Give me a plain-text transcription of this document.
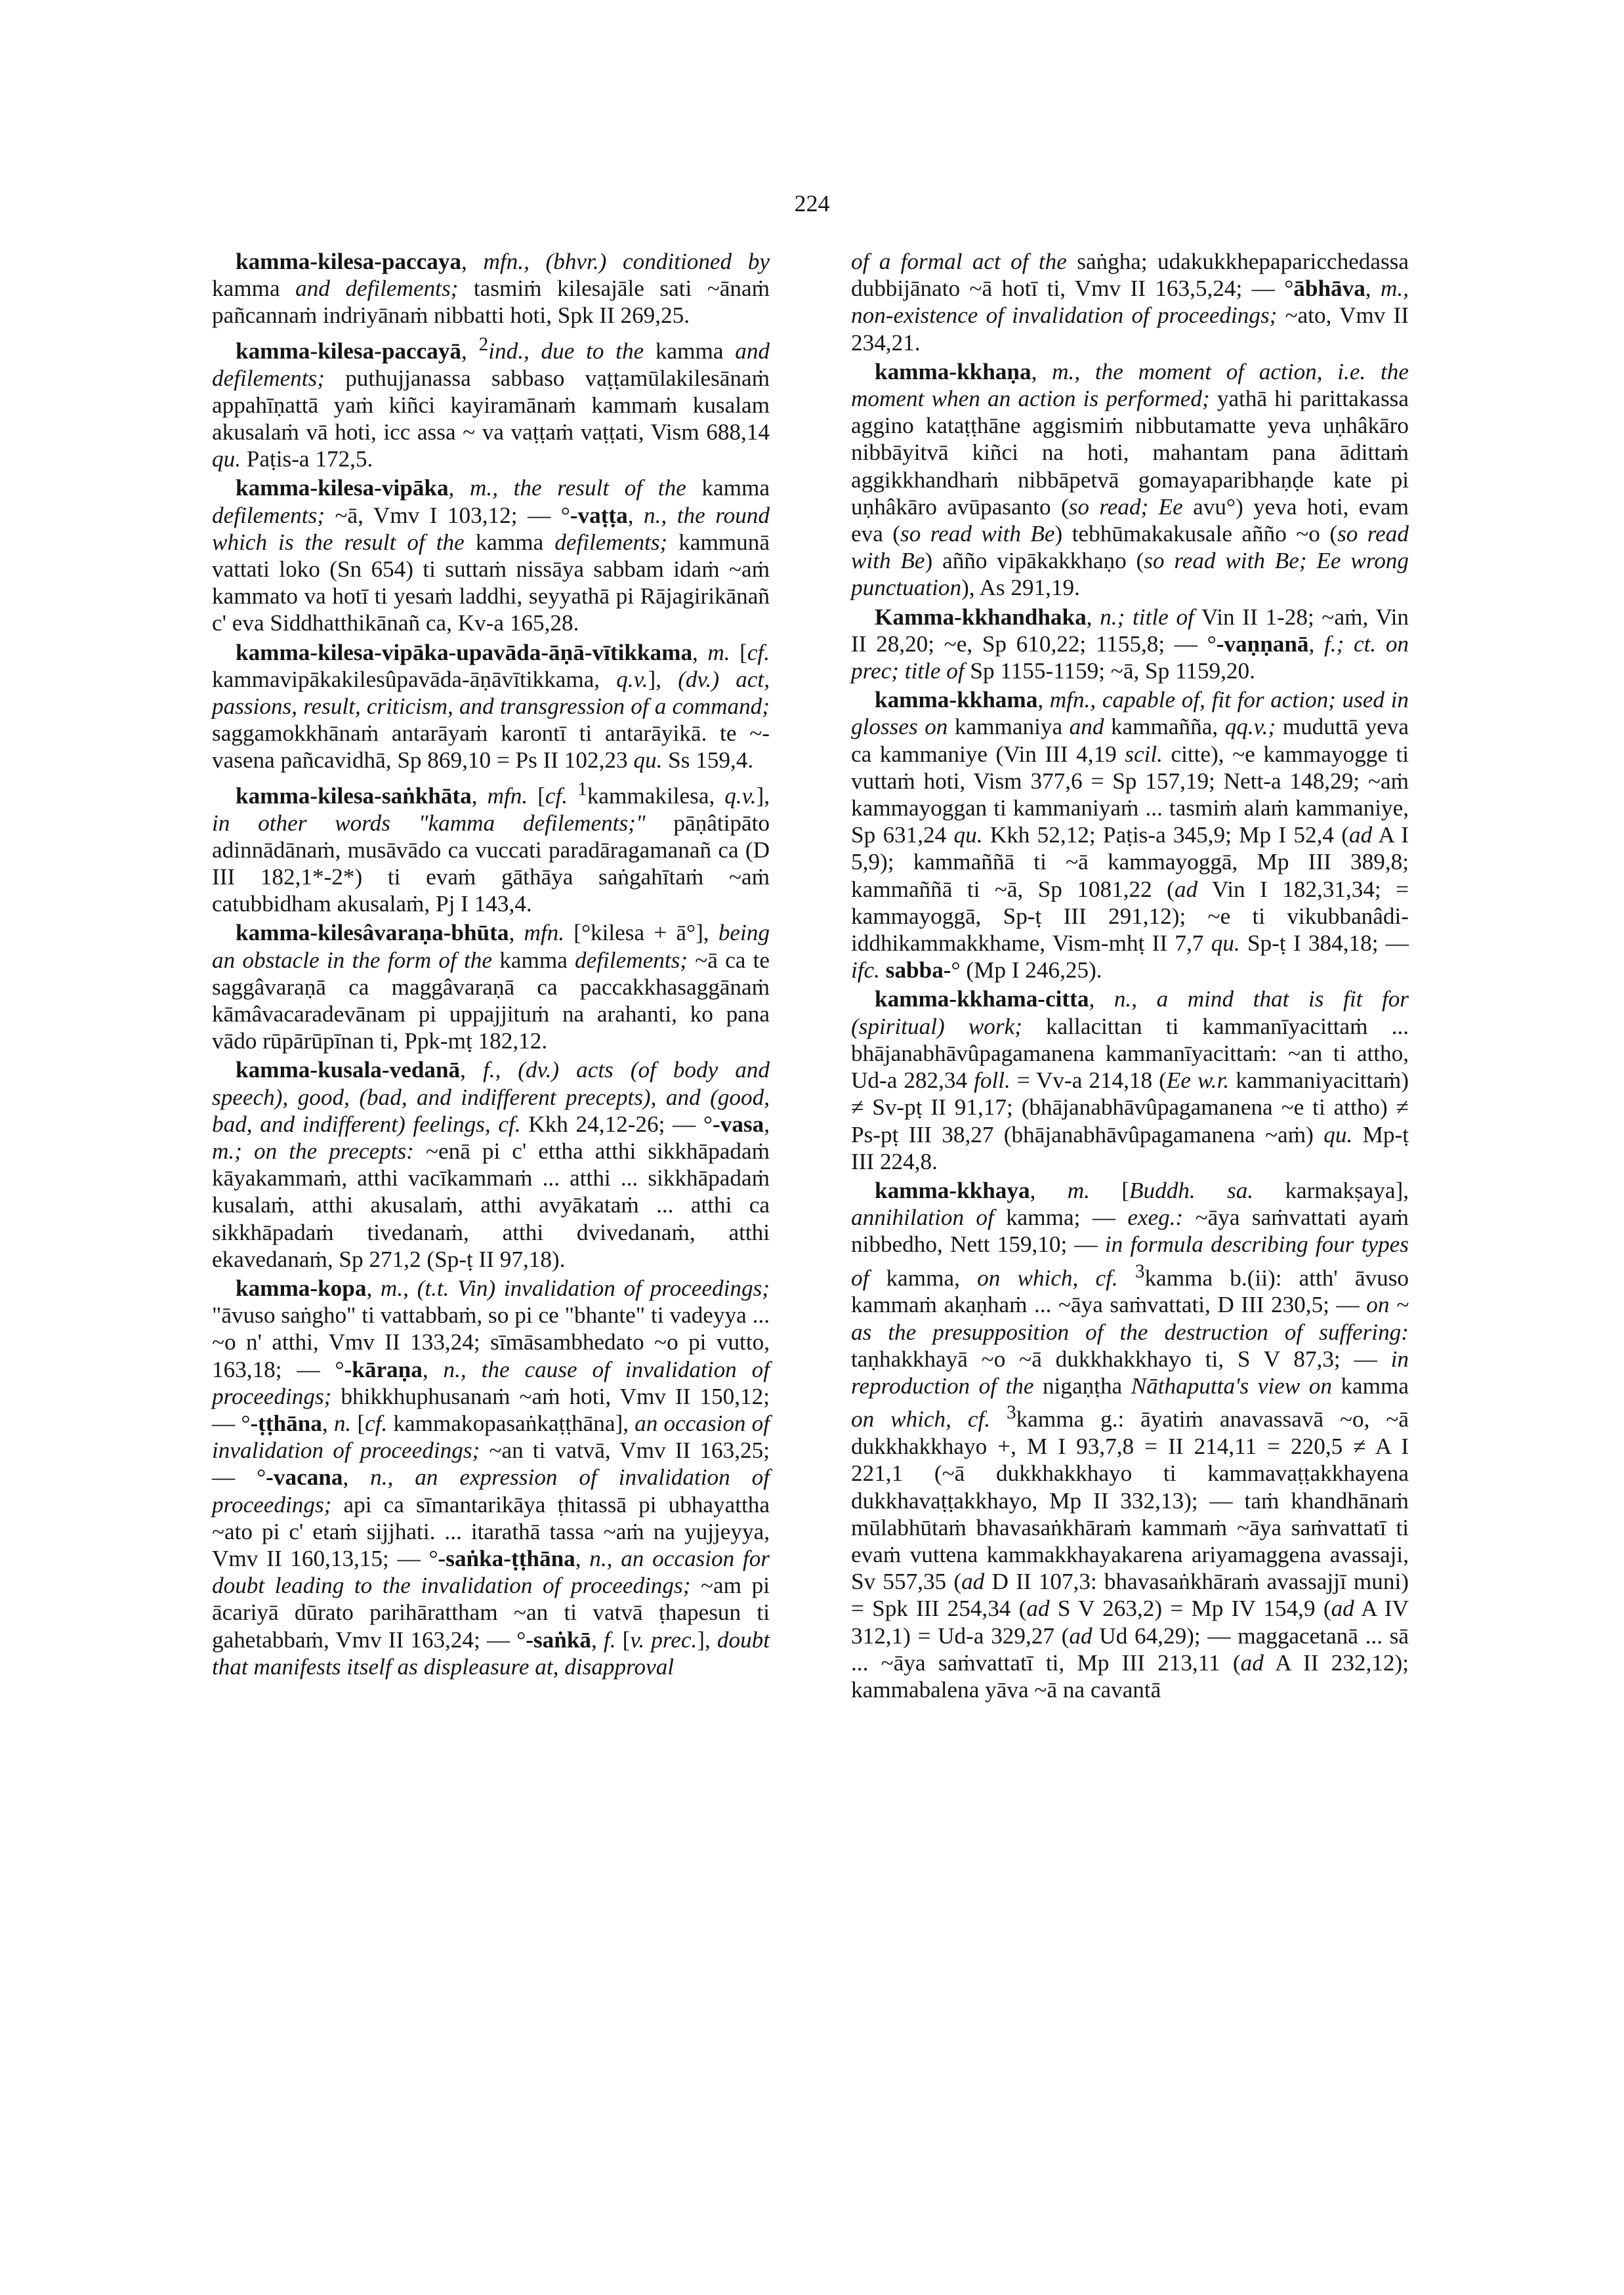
224

kamma-kilesa-paccaya, mfn., (bhvr.) conditioned by kamma and defilements; tasmiṁ kilesajāle sati ~ānaṁ pañcannaṁ indriyānaṁ nibbatti hoti, Spk II 269,25.

kamma-kilesa-paccayā, $^2$ind., due to the kamma and defilements; puthujjanassa sabbaso vaṭṭamūlakilesānaṁ appahīṇattā yaṁ kiñci kayiramānaṁ kammaṁ kusalam akusalaṁ vā hoti, icc assa ~ va vaṭṭaṁ vaṭṭati, Vism 688,14 qu. Paṭis-a 172,5.

kamma-kilesa-vipāka, m., the result of the kamma defilements; ~ā, Vmv I 103,12; — °-vaṭṭa, n., the round which is the result of the kamma defilements; kammunā vattati loko (Sn 654) ti suttaṁ nissāya sabbam idaṁ ~aṁ kammato va hotī ti yesaṁ laddhi, seyyathā pi Rājagirikānañ c' eva Siddhatthikānañ ca, Kv-a 165,28.

kamma-kilesa-vipāka-upavāda-āṇā-vītikkama, m. [cf. kammavipākakilesûpavāda-āṇāvītikkama, q.v.], (dv.) act, passions, result, criticism, and transgression of a command; saggamokkhānaṁ antarāyaṁ karontī ti antarāyikā. te ~-vasena pañcavidhā, Sp 869,10 = Ps II 102,23 qu. Ss 159,4.

kamma-kilesa-saṅkhāta, mfn. [cf. $^1$kammakilesa, q.v.], in other words "kamma defilements;" pāṇâtipāto adinnādānaṁ, musāvādo ca vuccati paradāragamanañ ca (D III 182,1*-2*) ti evaṁ gāthāya saṅgahītaṁ ~aṁ catubbidham akusalaṁ, Pj I 143,4.

kamma-kilesâvaraṇa-bhūta, mfn. [°kilesa + ā°], being an obstacle in the form of the kamma defilements; ~ā ca te saggâvaraṇā ca maggâvaraṇā ca paccakkhasaggānaṁ kāmâvacaradevānam pi uppajjituṁ na arahanti, ko pana vādo rūpārūpīnan ti, Ppk-mṭ 182,12.

kamma-kusala-vedanā, f., (dv.) acts (of body and speech), good, (bad, and indifferent precepts), and (good, bad, and indifferent) feelings, cf. Kkh 24,12-26; — °-vasa, m.; on the precepts: ~enā pi c' ettha atthi sikkhāpadaṁ kāyakammaṁ, atthi vacīkammaṁ ... atthi ... sikkhāpadaṁ kusalaṁ, atthi akusalaṁ, atthi avyākataṁ ... atthi ca sikkhāpadaṁ tivedanaṁ, atthi dvivedanaṁ, atthi ekavedanaṁ, Sp 271,2 (Sp-ṭ II 97,18).

kamma-kopa, m., (t.t. Vin) invalidation of proceedings; "āvuso saṅgho" ti vattabbaṁ, so pi ce "bhante" ti vadeyya ... ~o n' atthi, Vmv II 133,24; sīmāsambhedato ~o pi vutto, 163,18; — °-kāraṇa, n., the cause of invalidation of proceedings; bhikkhuphusanaṁ ~aṁ hoti, Vmv II 150,12; — °-ṭṭhāna, n. [cf. kammakopasaṅkaṭṭhāna], an occasion of invalidation of proceedings; ~an ti vatvā, Vmv II 163,25; — °-vacana, n., an expression of invalidation of proceedings; api ca sīmantarikāya ṭhitassā pi ubhayattha ~ato pi c' etaṁ sijjhati. ... itarathā tassa ~aṁ na yujjeyya, Vmv II 160,13,15; — °-saṅka-ṭṭhāna, n., an occasion for doubt leading to the invalidation of proceedings; ~am pi ācariyā dūrato parihārattham ~an ti vatvā ṭhapesun ti gahetabbaṁ, Vmv II 163,24; — °-saṅkā, f. [v. prec.], doubt that manifests itself as displeasure at, disapproval

of a formal act of the saṅgha; udakukkhepaparicchedassa dubbijānato ~ā hotī ti, Vmv II 163,5,24; — °ābhāva, m., non-existence of invalidation of proceedings; ~ato, Vmv II 234,21.

kamma-kkhaṇa, m., the moment of action, i.e. the moment when an action is performed; yathā hi parittakassa aggino kataṭṭhāne aggismiṁ nibbutamatte yeva uṇhâkāro nibbāyitvā kiñci na hoti, mahantam pana ādittaṁ aggikkhandhaṁ nibbāpetvā gomayaparibhaṇḍe kate pi uṇhâkāro avūpasanto (so read; Ee avu°) yeva hoti, evam eva (so read with Be) tebhūmakakusale añño ~o (so read with Be) añño vipākakkhaṇo (so read with Be; Ee wrong punctuation), As 291,19.

Kamma-kkhandhaka, n.; title of Vin II 1-28; ~aṁ, Vin II 28,20; ~e, Sp 610,22; 1155,8; — °-vaṇṇanā, f.; ct. on prec; title of Sp 1155-1159; ~ā, Sp 1159,20.

kamma-kkhama, mfn., capable of, fit for action; used in glosses on kammaniya and kammañña, qq.v.; muduttā yeva ca kammaniye (Vin III 4,19 scil. citte), ~e kammayogge ti vuttaṁ hoti, Vism 377,6 = Sp 157,19; Nett-a 148,29; ~aṁ kammayoggan ti kammaniyaṁ ... tasmiṁ alaṁ kammaniye, Sp 631,24 qu. Kkh 52,12; Paṭis-a 345,9; Mp I 52,4 (ad A I 5,9); kammaññā ti ~ā kammayoggā, Mp III 389,8; kammaññā ti ~ā, Sp 1081,22 (ad Vin I 182,31,34; = kammayoggā, Sp-ṭ III 291,12); ~e ti vikubbanâdi-iddhikammakkhame, Vism-mhṭ II 7,7 qu. Sp-ṭ I 384,18; — ifc. sabba-° (Mp I 246,25).

kamma-kkhama-citta, n., a mind that is fit for (spiritual) work; kallacittan ti kammanīyacittaṁ ... bhājanabhāvûpagamanena kammanīyacittaṁ: ~an ti attho, Ud-a 282,34 foll. = Vv-a 214,18 (Ee w.r. kammaniyacittaṁ) ≠ Sv-pṭ II 91,17; (bhājanabhāvûpagamanena ~e ti attho) ≠ Ps-pṭ III 38,27 (bhājanabhāvûpagamanena ~aṁ) qu. Mp-ṭ III 224,8.

kamma-kkhaya, m. [Buddh. sa. karmakṣaya], annihilation of kamma; — exeg.: ~āya saṁvattati ayaṁ nibbedho, Nett 159,10; — in formula describing four types of kamma, on which, cf. $^3$kamma b.(ii): atth' āvuso kammaṁ akaṇhaṁ ... ~āya saṁvattati, D III 230,5; — on ~ as the presupposition of the destruction of suffering: taṇhakkhayā ~o ~ā dukkhakkhayo ti, S V 87,3; — in reproduction of the nigaṇṭha Nāthaputta's view on kamma on which, cf. $^3$kamma g.: āyatiṁ anavassavā ~o, ~ā dukkhakkhayo +, M I 93,7,8 = II 214,11 = 220,5 ≠ A I 221,1 (~ā dukkhakkhayo ti kammavaṭṭakkhayena dukkhavaṭṭakkhayo, Mp II 332,13); — taṁ khandhānaṁ mūlabhūtaṁ bhavasaṅkhāraṁ kammaṁ ~āya saṁvattatī ti evaṁ vuttena kammakkhayakarena ariyamaggena avassaji, Sv 557,35 (ad D II 107,3: bhavasaṅkhāraṁ avassajjī muni) = Spk III 254,34 (ad S V 263,2) = Mp IV 154,9 (ad A IV 312,1) = Ud-a 329,27 (ad Ud 64,29); — maggacetanā ... sā ... ~āya saṁvattatī ti, Mp III 213,11 (ad A II 232,12); kammabalena yāva ~ā na cavantā
